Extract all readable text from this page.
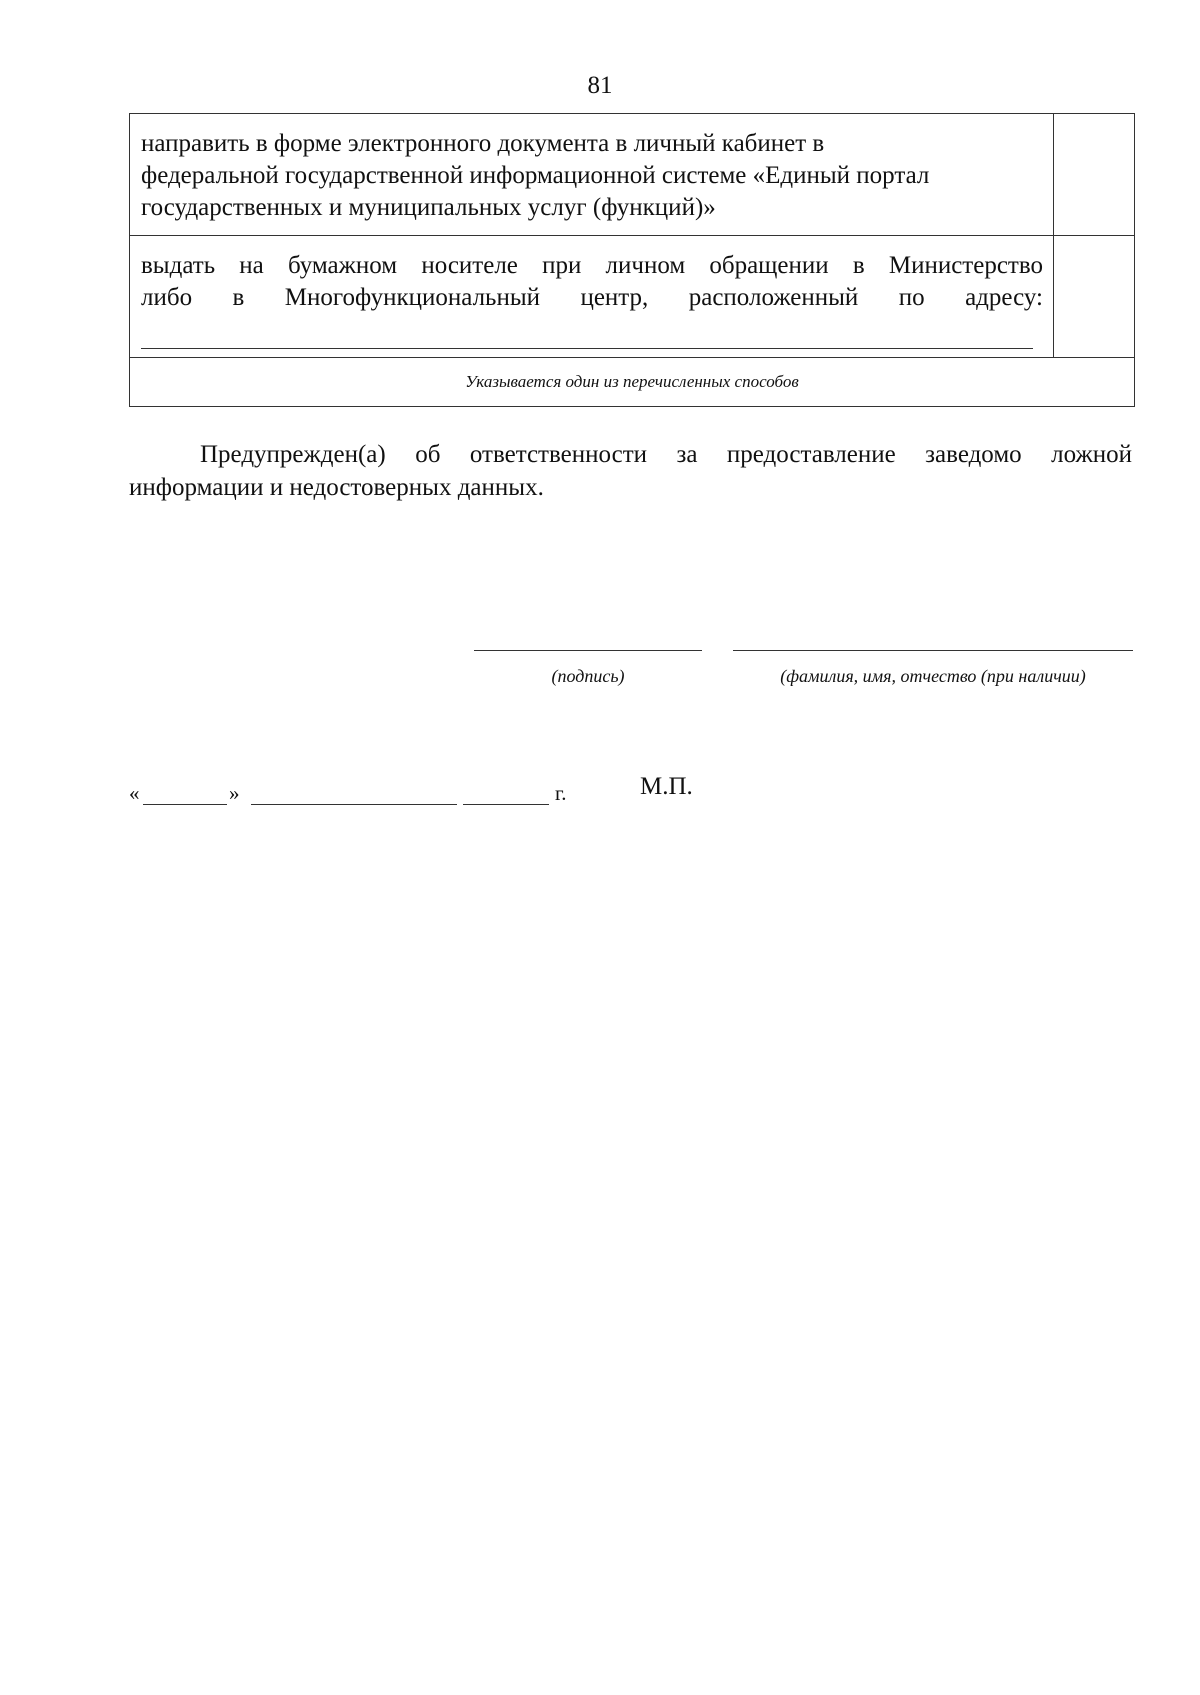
81
направить в форме электронного документа в личный кабинет в
федеральной государственной информационной системе «Единый портал
государственных и муниципальных услуг (функций)»	

выдать на бумажном носителе при личном обращении в Министерство
либо в Многофункциональный центр, расположенный по адресу:	

Указывается один из перечисленных способов	
Предупрежден(а) об ответственности за предоставление заведомо ложной информации и недостоверных данных.
(подпись)	(фамилия, имя, отчество (при наличии)
«	»	г.	М.П.
